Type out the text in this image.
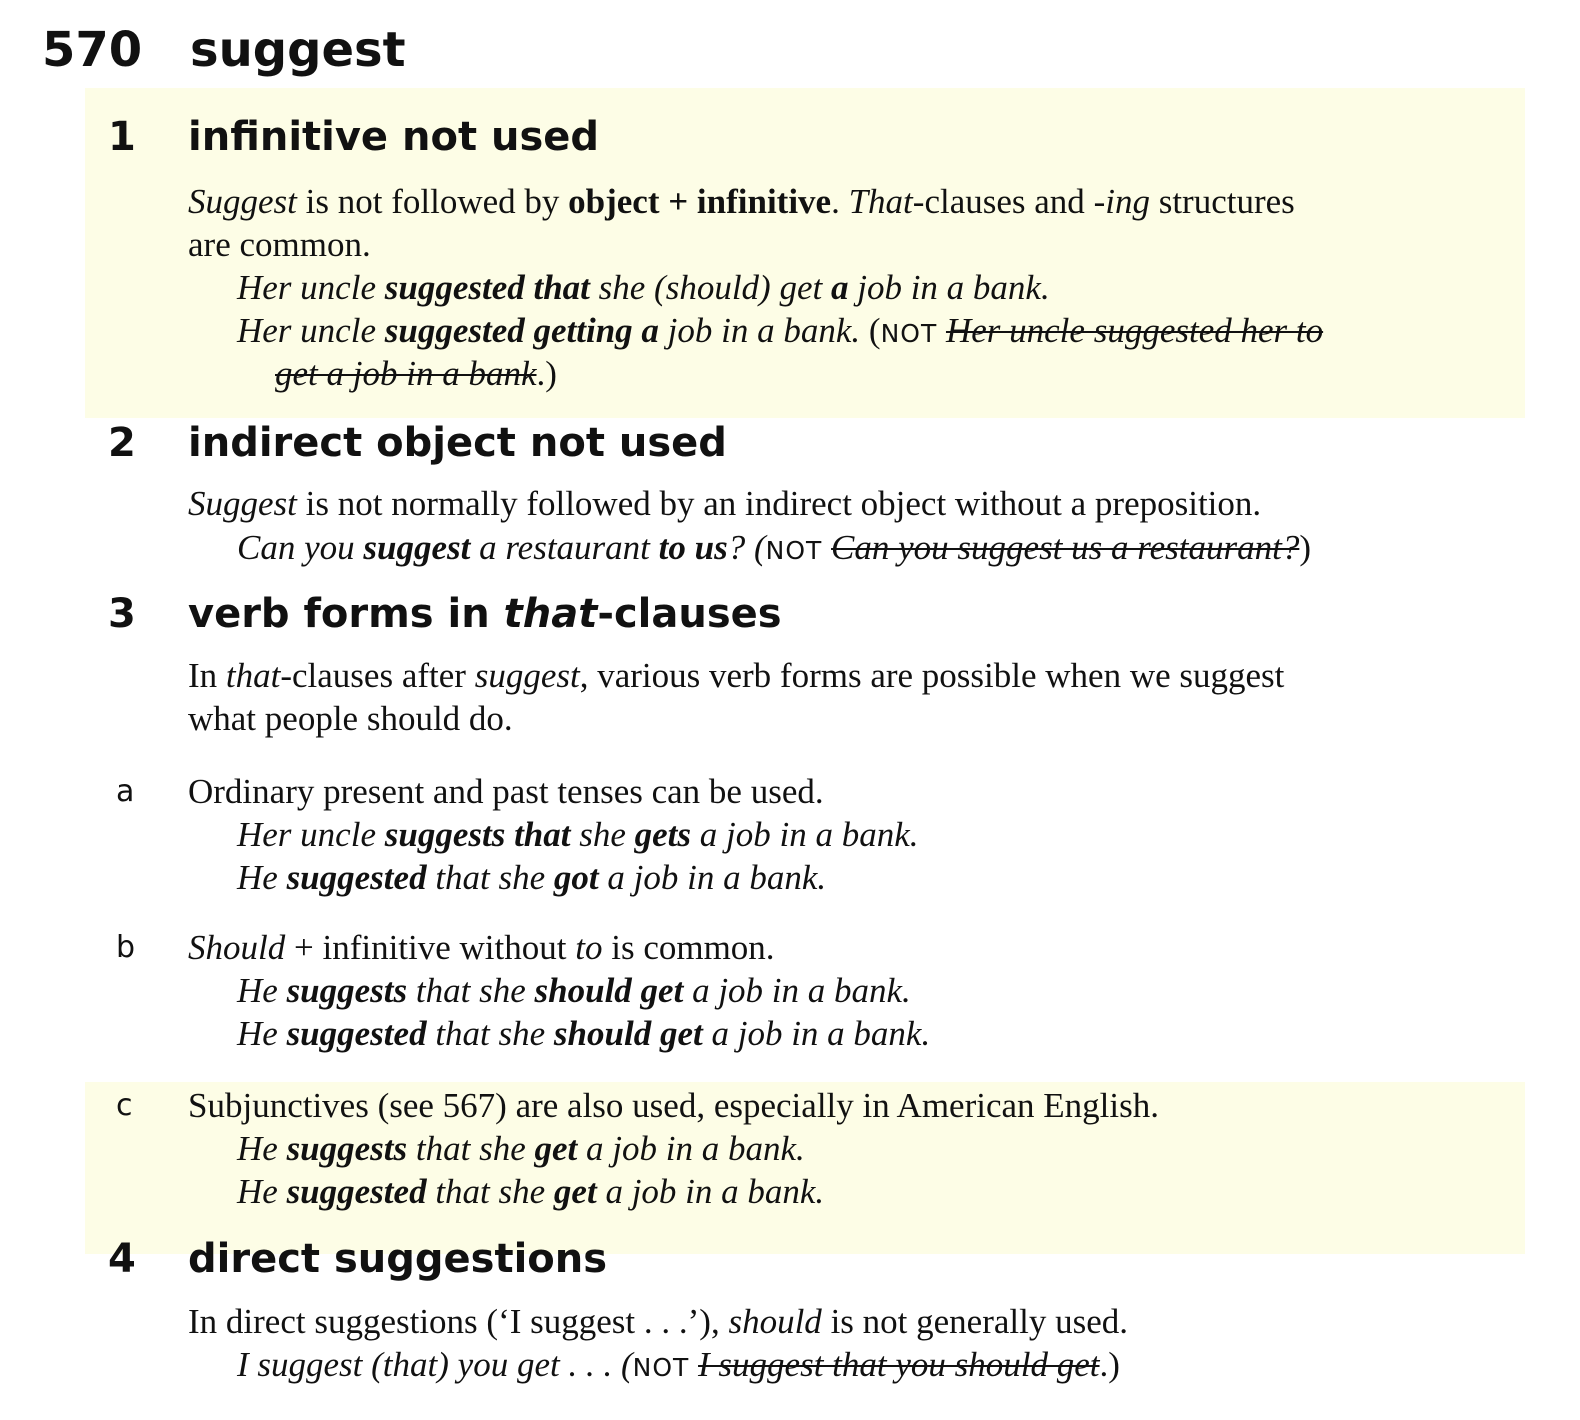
570 suggest
1 infinitive not used
Suggest is not followed by object + infinitive. That-clauses and -ing structures
are common.
Her uncle suggested that she (should) get a job in a bank.
Her uncle suggested getting a job in a bank. (NOT Her uncle suggested her to
get a job in a bank.)
2 indirect object not used
Suggest is not normally followed by an indirect object without a preposition.
Can you suggest a restaurant to us? (NOT Can you suggest us a restaurant?)
3 verb forms in that-clauses
In that-clauses after suggest, various verb forms are possible when we suggest
what people should do.
a Ordinary present and past tenses can be used.
Her uncle suggests that she gets a job in a bank.
He suggested that she got a job in a bank.
b Should + infinitive without to is common.
He suggests that she should get a job in a bank.
He suggested that she should get a job in a bank.
c Subjunctives (see 567) are also used, especially in American English.
He suggests that she get a job in a bank.
He suggested that she get a job in a bank.
4 direct suggestions
In direct suggestions (‘I suggest . . .’), should is not generally used.
I suggest (that) you get . . . (NOT I suggest that you should get.)
